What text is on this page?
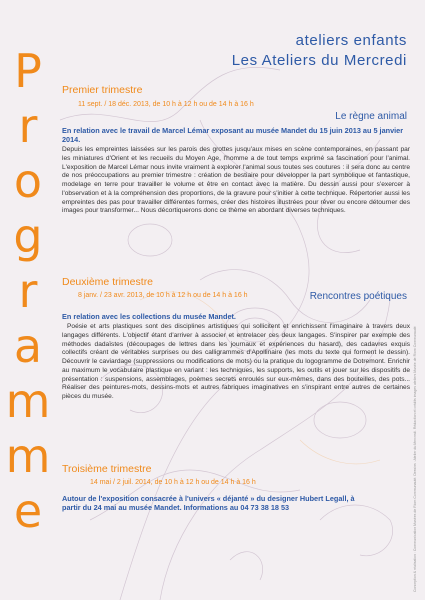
P
r
o
g
r
a
m
m
e
ateliers enfants
Les Ateliers du Mercredi
Premier trimestre
11 sept. / 18 déc. 2013, de 10 h à 12 h ou de 14 h à 16 h
Le règne animal
En relation avec le travail de Marcel Lémar exposant au musée Mandet du 15 juin 2013 au 5 janvier 2014.
Depuis les empreintes laissées sur les parois des grottes jusqu'aux mises en scène contemporaines, en passant par les miniatures d'Orient et les recueils du Moyen Age, l'homme a de tout temps exprimé sa fascination pour l'animal. L'exposition de Marcel Lémar nous invite vraiment à explorer l'animal sous toutes ses coutures : il sera donc au centre de nos préoccupations au premier trimestre : création de bestiaire pour développer la part symbolique et fantastique, modelage en terre pour travailler le volume et être en contact avec la matière. Du dessin aussi pour s'exercer à l'observation et à la compréhension des proportions, de la gravure pour s'initier à cette technique. Répertorier aussi les empreintes des pas pour travailler différentes formes, créer des histoires illustrées pour rêver ou encore détourner des images pour transformer... Nous décortiquerons donc ce thème en abordant diverses techniques.
Deuxième trimestre
8 janv. / 23 avr. 2013, de 10 h à 12 h ou de 14 h à 16 h	Rencontres poétiques
En relation avec les collections du musée Mandet.
Poésie et arts plastiques sont des disciplines artistiques qui sollicitent et enrichissent l'imaginaire à travers deux langages différents. L'objectif étant d'arriver à associer et entrelacer ces deux langages. S'inspirer par exemple des méthodes dadaïstes (découpages de lettres dans les journaux et expériences du hasard), des cadavres exquis collectifs créant de véritables surprises ou des calligrammes d'Apollinaire (les mots du texte qui forment le dessin). Découvrir le caviardage (suppressions ou modifications de mots) ou la pratique du logogramme de Dotremont. Enrichir au maximum le vocabulaire plastique en variant : les techniques, les supports, les outils et jouer sur les dispositifs de présentation : suspensions, assemblages, poèmes secrets enroulés sur eux-mêmes, dans des bouteilles, des pots... Réaliser des peintures-mots, dessins-mots et autres fabriques imaginatives en s'inspirant entre autres de certaines pièces du musée.
Troisième trimestre
14 mai / 2 juil. 2014, de 10 h à 12 h ou de 14 h à 16 h
Autour de l'exposition consacrée à l'univers « déjanté » du designer Hubert Legall, à partir du 24 mai au musée Mandet. Informations au 04 73 38 18 53	Conception & réalisation : Communication Musées de Riom Communauté. Dessins : Atelier du Mercredi. Rédaction et crédits images ateliers Musée de Riom Communauté
